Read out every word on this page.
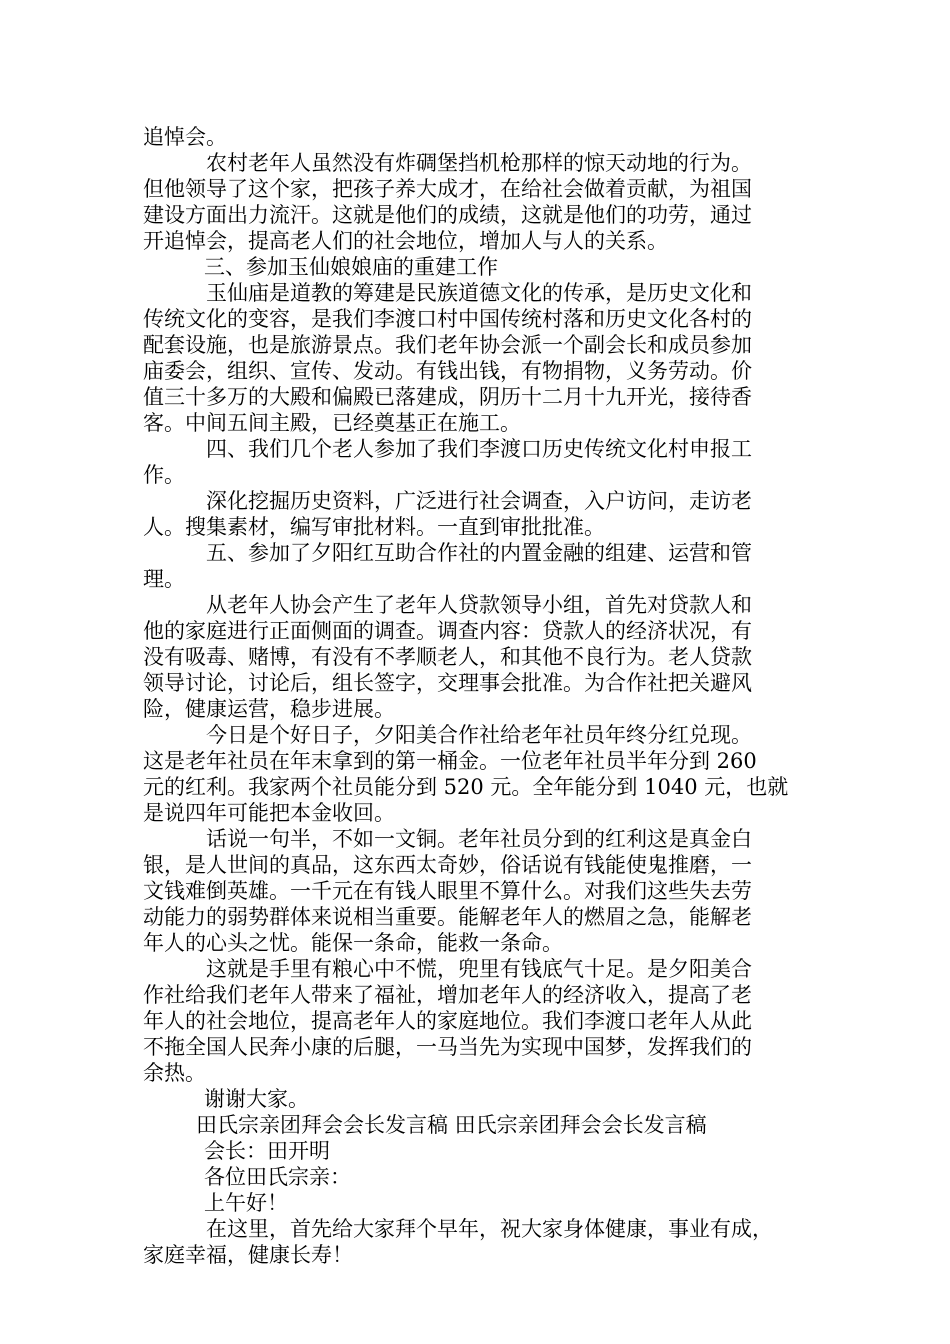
追悼会。
农村老年人虽然没有炸碉堡挡机枪那样的惊天动地的行为。
但他领导了这个家，把孩子养大成才，在给社会做着贡献，为祖国
建设方面出力流汗。这就是他们的成绩，这就是他们的功劳，通过
开追悼会，提高老人们的社会地位，增加人与人的关系。
三、参加玉仙娘娘庙的重建工作
玉仙庙是道教的筹建是民族道德文化的传承，是历史文化和
传统文化的变容，是我们李渡口村中国传统村落和历史文化各村的
配套设施，也是旅游景点。我们老年协会派一个副会长和成员参加
庙委会，组织、宣传、发动。有钱出钱，有物捐物，义务劳动。价
值三十多万的大殿和偏殿已落建成，阴历十二月十九开光，接待香
客。中间五间主殿，已经奠基正在施工。
四、我们几个老人参加了我们李渡口历史传统文化村申报工
作。
深化挖掘历史资料，广泛进行社会调查，入户访问，走访老
人。搜集素材，编写审批材料。一直到审批批准。
五、参加了夕阳红互助合作社的内置金融的组建、运营和管
理。
从老年人协会产生了老年人贷款领导小组，首先对贷款人和
他的家庭进行正面侧面的调查。调查内容：贷款人的经济状况，有
没有吸毒、赌博，有没有不孝顺老人，和其他不良行为。老人贷款
领导讨论，讨论后，组长签字，交理事会批准。为合作社把关避风
险，健康运营，稳步进展。
今日是个好日子，夕阳美合作社给老年社员年终分红兑现。
这是老年社员在年末拿到的第一桶金。一位老年社员半年分到 260
元的红利。我家两个社员能分到 520 元。全年能分到 1040 元，也就
是说四年可能把本金收回。
话说一句半，不如一文铜。老年社员分到的红利这是真金白
银，是人世间的真品，这东西太奇妙，俗话说有钱能使鬼推磨，一
文钱难倒英雄。一千元在有钱人眼里不算什么。对我们这些失去劳
动能力的弱势群体来说相当重要。能解老年人的燃眉之急，能解老
年人的心头之忧。能保一条命，能救一条命。
这就是手里有粮心中不慌，兜里有钱底气十足。是夕阳美合
作社给我们老年人带来了福祉，增加老年人的经济收入，提高了老
年人的社会地位，提高老年人的家庭地位。我们李渡口老年人从此
不拖全国人民奔小康的后腿，一马当先为实现中国梦，发挥我们的
余热。
谢谢大家。
田氏宗亲团拜会会长发言稿 田氏宗亲团拜会会长发言稿
会长：田开明
各位田氏宗亲：
上午好！
在这里，首先给大家拜个早年，祝大家身体健康，事业有成，
家庭幸福，健康长寿！
